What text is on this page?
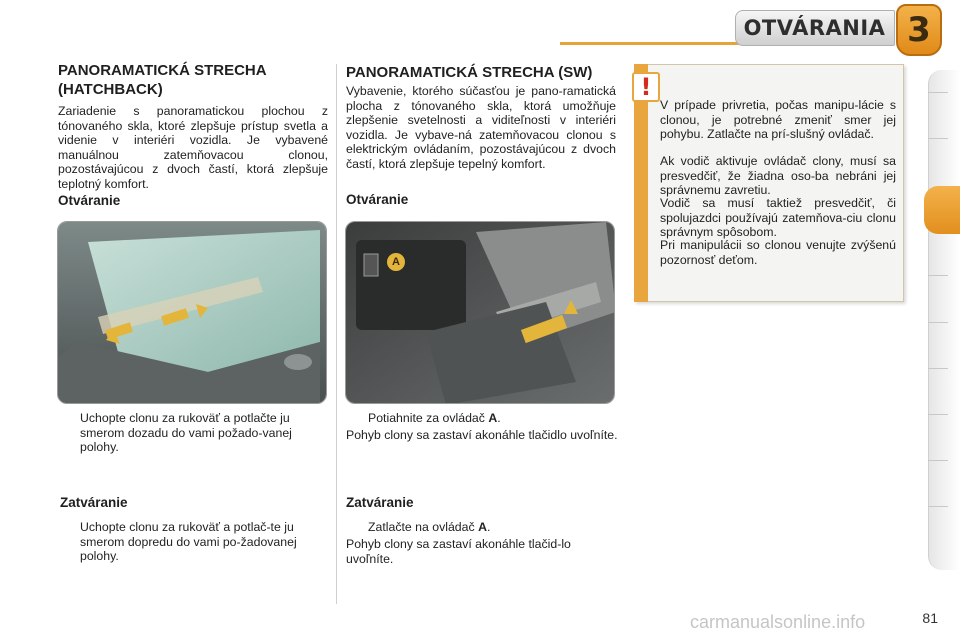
OTVÁRANIA 3
PANORAMATICKÁ STRECHA (HATCHBACK)
Zariadenie s panoramatickou plochou z tónovaného skla, ktoré zlepšuje prístup svetla a videnie v interiéri vozidla. Je vybavené manuálnou zatemňovacou clonou, pozostávajúcou z dvoch častí, ktorá zlepšuje teplotný komfort.
Otváranie
Uchopte clonu za rukoväť a potlačte ju smerom dozadu do vami požado-vanej polohy.
Zatváranie
Uchopte clonu za rukoväť a potlač-te ju smerom dopredu do vami po-žadovanej polohy.
PANORAMATICKÁ STRECHA (SW)
Vybavenie, ktorého súčasťou je pano-ramatická plocha z tónovaného skla, ktorá umožňuje zlepšenie svetelnosti a viditeľnosti v interiéri vozidla. Je vybave-ná zatemňovacou clonou s elektrickým ovládaním, pozostávajúcou z dvoch častí, ktorá zlepšuje tepelný komfort.
Otváranie
A
Potiahnite za ovládač A.
Pohyb clony sa zastaví akonáhle tlačidlo uvoľníte.
Zatváranie
Zatlačte na ovládač A.
Pohyb clony sa zastaví akonáhle tlačid-lo uvoľníte.
!
V prípade privretia, počas manipu-lácie s clonou, je potrebné zmeniť smer jej pohybu. Zatlačte na prí-slušný ovládač.
Ak vodič aktivuje ovládač clony, musí sa presvedčiť, že žiadna oso-ba nebráni jej správnemu zavretiu.
Vodič sa musí taktiež presvedčiť, či spolujazdci používajú zatemňova-ciu clonu správnym spôsobom.
Pri manipulácii so clonou venujte zvýšenú pozornosť deťom.
carmanualsonline.info	81
